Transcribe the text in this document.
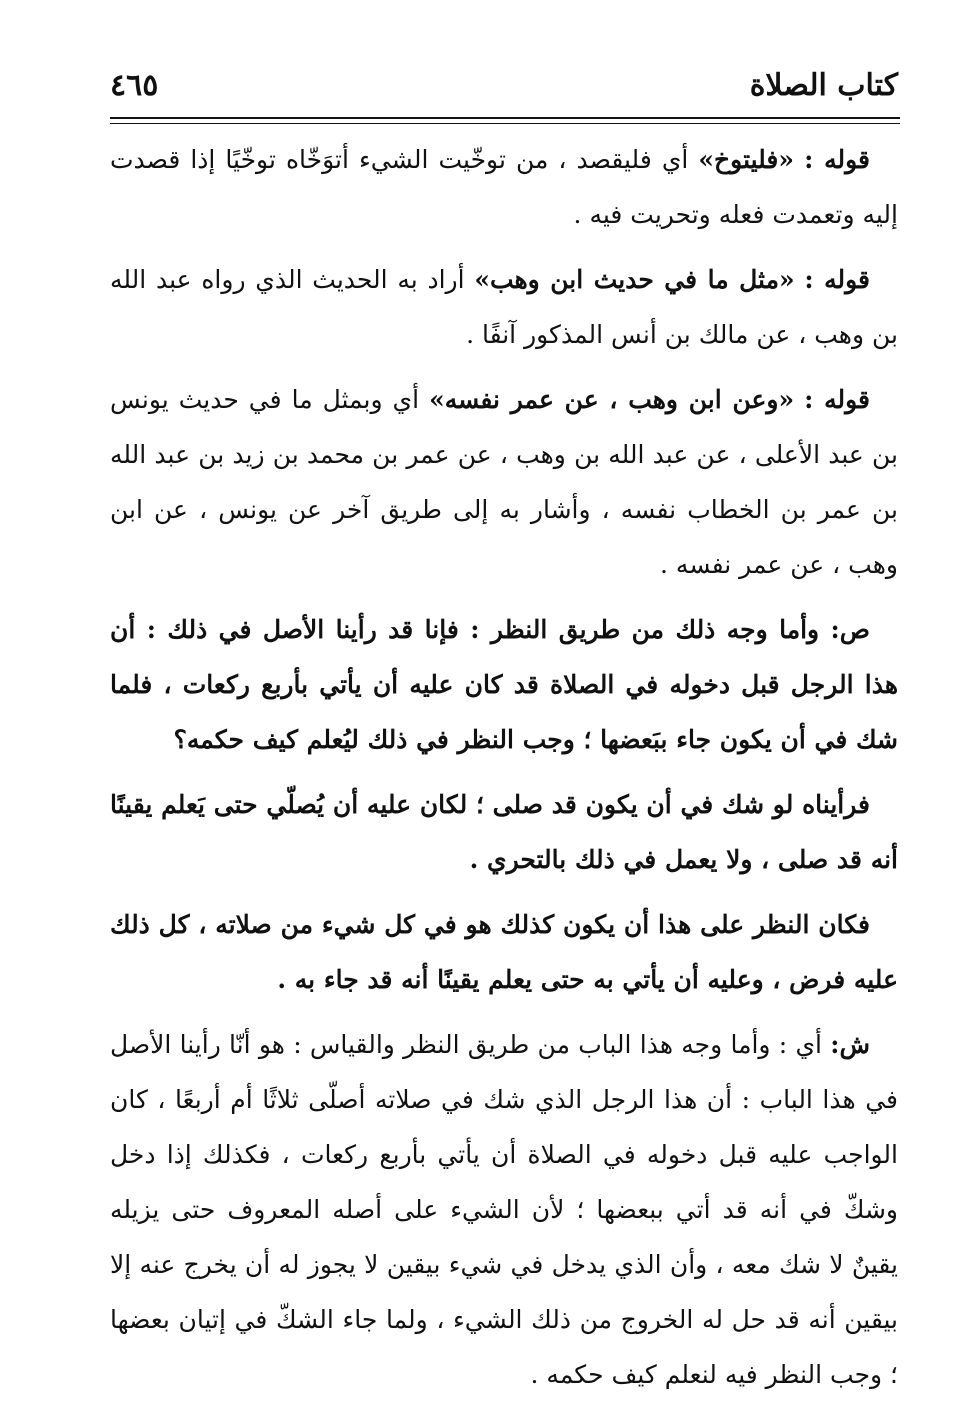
كتاب الصلاة
٤٦٥

قوله : «فليتوخ» أي فليقصد ، من توخّيت الشيء أتوَخّاه توخّيًا إذا قصدت إليه وتعمدت فعله وتحريت فيه .

قوله : «مثل ما في حديث ابن وهب» أراد به الحديث الذي رواه عبد الله بن وهب ، عن مالك بن أنس المذكور آنفًا .

قوله : «وعن ابن وهب ، عن عمر نفسه» أي وبمثل ما في حديث يونس بن عبد الأعلى ، عن عبد الله بن وهب ، عن عمر بن محمد بن زيد بن عبد الله بن عمر بن الخطاب نفسه ، وأشار به إلى طريق آخر عن يونس ، عن ابن وهب ، عن عمر نفسه .

ص: وأما وجه ذلك من طريق النظر : فإنا قد رأينا الأصل في ذلك : أن هذا الرجل قبل دخوله في الصلاة قد كان عليه أن يأتي بأربع ركعات ، فلما شك في أن يكون جاء ببَعضها ؛ وجب النظر في ذلك ليُعلم كيف حكمه؟

فرأيناه لو شك في أن يكون قد صلى ؛ لكان عليه أن يُصلّي حتى يَعلم يقينًا أنه قد صلى ، ولا يعمل في ذلك بالتحري .

فكان النظر على هذا أن يكون كذلك هو في كل شيء من صلاته ، كل ذلك عليه فرض ، وعليه أن يأتي به حتى يعلم يقينًا أنه قد جاء به .

ش: أي : وأما وجه هذا الباب من طريق النظر والقياس : هو أنّا رأينا الأصل في هذا الباب : أن هذا الرجل الذي شك في صلاته أصلّى ثلاثًا أم أربعًا ، كان الواجب عليه قبل دخوله في الصلاة أن يأتي بأربع ركعات ، فكذلك إذا دخل وشكّ في أنه قد أتي ببعضها ؛ لأن الشيء على أصله المعروف حتى يزيله يقينٌ لا شك معه ، وأن الذي يدخل في شيء بيقين لا يجوز له أن يخرج عنه إلا بيقين أنه قد حل له الخروج من ذلك الشيء ، ولما جاء الشكّ في إتيان بعضها ؛ وجب النظر فيه لنعلم كيف حكمه .
